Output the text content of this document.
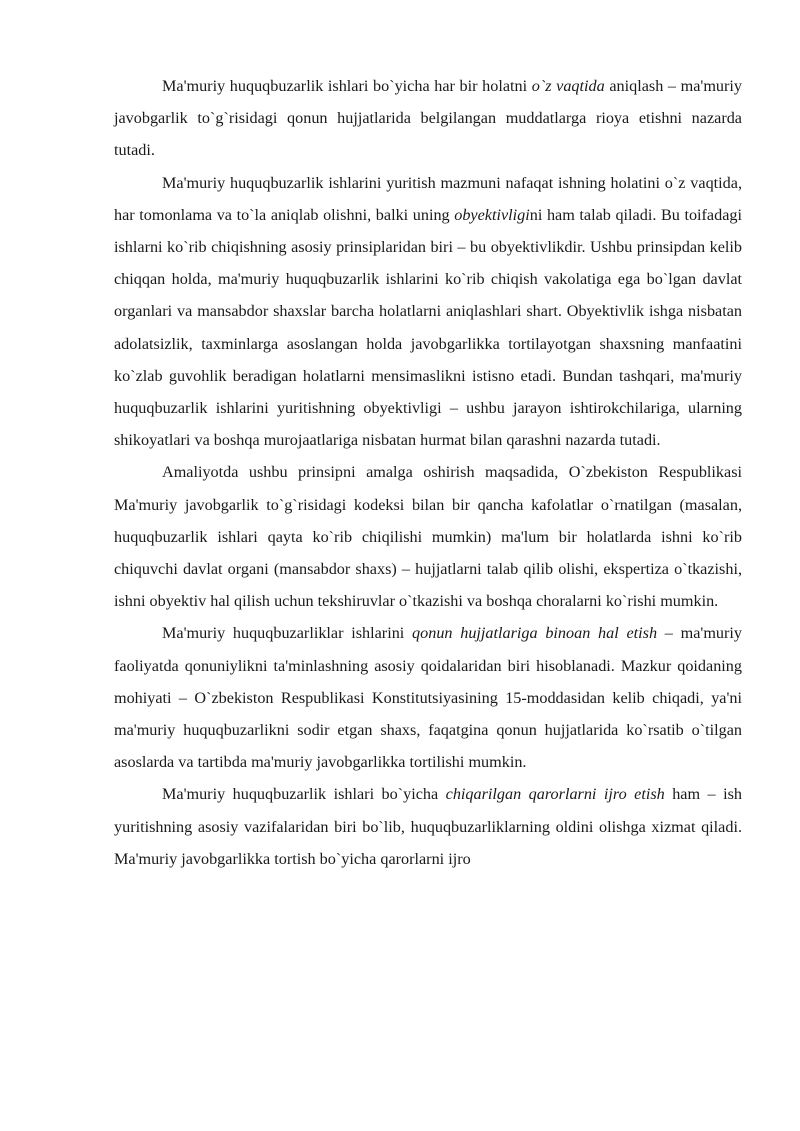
Ma'muriy huquqbuzarlik ishlari bo`yicha har bir holatni o`z vaqtida aniqlash – ma'muriy javobgarlik to`g`risidagi qonun hujjatlarida belgilangan muddatlarga rioya etishni nazarda tutadi.

Ma'muriy huquqbuzarlik ishlarini yuritish mazmuni nafaqat ishning holatini o`z vaqtida, har tomonlama va to`la aniqlab olishni, balki uning obyektivligini ham talab qiladi. Bu toifadagi ishlarni ko`rib chiqishning asosiy prinsiplaridan biri – bu obyektivlikdir. Ushbu prinsipdan kelib chiqqan holda, ma'muriy huquqbuzarlik ishlarini ko`rib chiqish vakolatiga ega bo`lgan davlat organlari va mansabdor shaxslar barcha holatlarni aniqlashlari shart. Obyektivlik ishga nisbatan adolatsizlik, taxminlarga asoslangan holda javobgarlikka tortilayotgan shaxsning manfaatini ko`zlab guvohlik beradigan holatlarni mensimaslikni istisno etadi. Bundan tashqari, ma'muriy huquqbuzarlik ishlarini yuritishning obyektivligi – ushbu jarayon ishtirokchilariga, ularning shikoyatlari va boshqa murojaatlariga nisbatan hurmat bilan qarashni nazarda tutadi.

Amaliyotda ushbu prinsipni amalga oshirish maqsadida, O`zbekiston Respublikasi Ma'muriy javobgarlik to`g`risidagi kodeksi bilan bir qancha kafolatlar o`rnatilgan (masalan, huquqbuzarlik ishlari qayta ko`rib chiqilishi mumkin) ma'lum bir holatlarda ishni ko`rib chiquvchi davlat organi (mansabdor shaxs) – hujjatlarni talab qilib olishi, ekspertiza o`tkazishi, ishni obyektiv hal qilish uchun tekshiruvlar o`tkazishi va boshqa choralarni ko`rishi mumkin.

Ma'muriy huquqbuzarliklar ishlarini qonun hujjatlariga binoan hal etish – ma'muriy faoliyatda qonuniylikni ta'minlashning asosiy qoidalaridan biri hisoblanadi. Mazkur qoidaning mohiyati – O`zbekiston Respublikasi Konstitutsiyasining 15-moddasidan kelib chiqadi, ya'ni ma'muriy huquqbuzarlikni sodir etgan shaxs, faqatgina qonun hujjatlarida ko`rsatib o`tilgan asoslarda va tartibda ma'muriy javobgarlikka tortilishi mumkin.

Ma'muriy huquqbuzarlik ishlari bo`yicha chiqarilgan qarorlarni ijro etish ham – ish yuritishning asosiy vazifalaridan biri bo`lib, huquqbuzarliklarning oldini olishga xizmat qiladi. Ma'muriy javobgarlikka tortish bo`yicha qarorlarni ijro
